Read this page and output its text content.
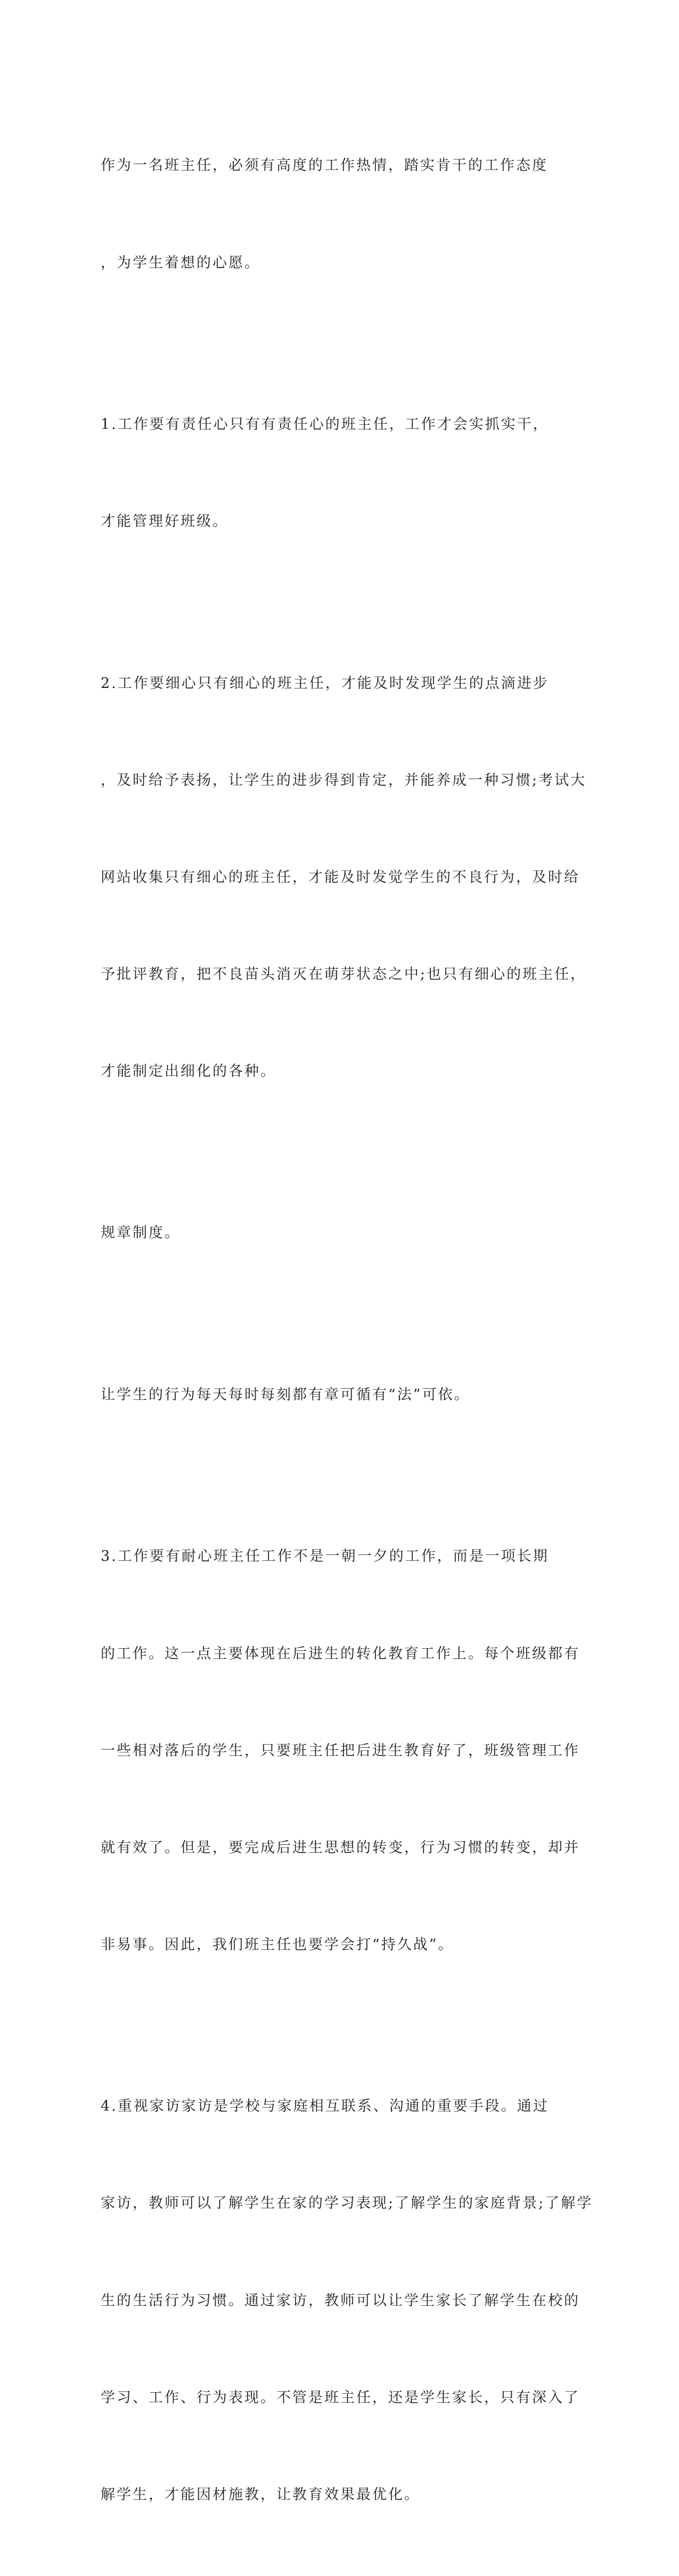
作为一名班主任，必须有高度的工作热情，踏实肯干的工作态度

，为学生着想的心愿。

1.工作要有责任心只有有责任心的班主任，工作才会实抓实干，

才能管理好班级。

2.工作要细心只有细心的班主任，才能及时发现学生的点滴进步

，及时给予表扬，让学生的进步得到肯定，并能养成一种习惯;考试大

网站收集只有细心的班主任，才能及时发觉学生的不良行为，及时给

予批评教育，把不良苗头消灭在萌芽状态之中;也只有细心的班主任，

才能制定出细化的各种。

规章制度。

让学生的行为每天每时每刻都有章可循有“法”可依。

3.工作要有耐心班主任工作不是一朝一夕的工作，而是一项长期

的工作。这一点主要体现在后进生的转化教育工作上。每个班级都有

一些相对落后的学生，只要班主任把后进生教育好了，班级管理工作

就有效了。但是，要完成后进生思想的转变，行为习惯的转变，却并

非易事。因此，我们班主任也要学会打“持久战”。

4.重视家访家访是学校与家庭相互联系、沟通的重要手段。通过

家访，教师可以了解学生在家的学习表现;了解学生的家庭背景;了解学

生的生活行为习惯。通过家访，教师可以让学生家长了解学生在校的

学习、工作、行为表现。不管是班主任，还是学生家长，只有深入了

解学生，才能因材施教，让教育效果最优化。
